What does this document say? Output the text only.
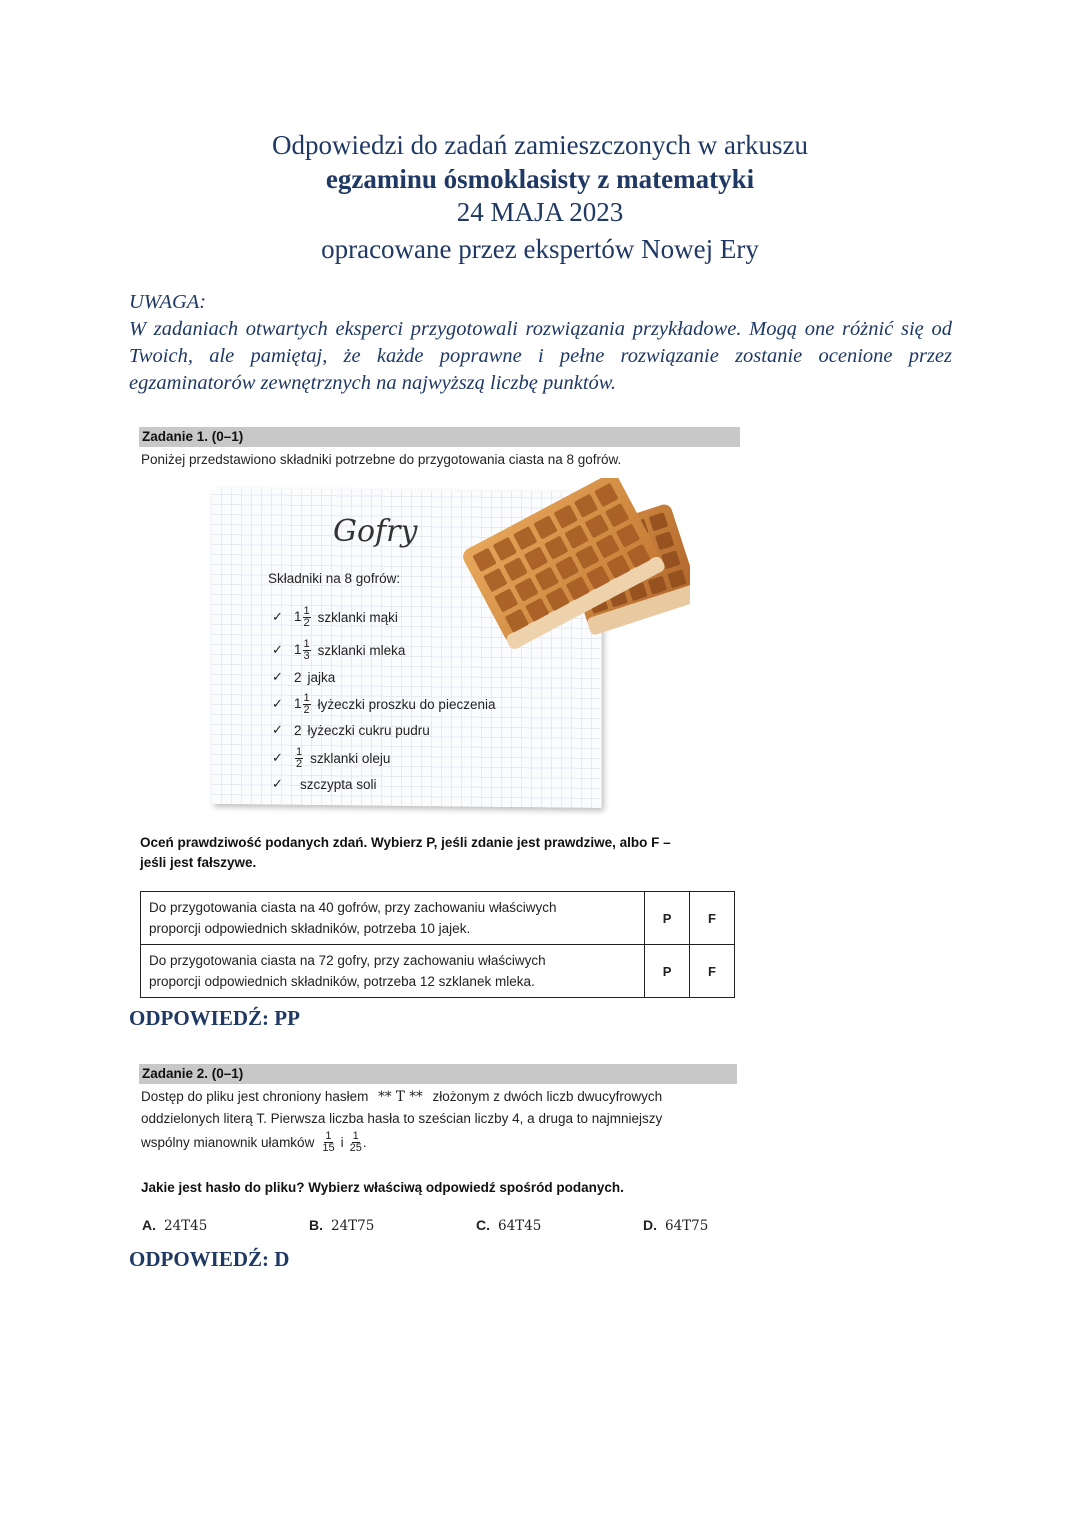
Odpowiedzi do zadań zamieszczonych w arkuszu
egzaminu ósmoklasisty z matematyki
24 MAJA 2023
opracowane przez ekspertów Nowej Ery
UWAGA:
W zadaniach otwartych eksperci przygotowali rozwiązania przykładowe. Mogą one różnić się od Twoich, ale pamiętaj, że każde poprawne i pełne rozwiązanie zostanie ocenione przez egzaminatorów zewnętrznych na najwyższą liczbę punktów.
Zadanie 1. (0–1)
Poniżej przedstawiono składniki potrzebne do przygotowania ciasta na 8 gofrów.
Gofry
Składniki na 8 gofrów:
✓ $1 \frac{1}{2}$ szklanki mąki
✓ $1 \frac{1}{3}$ szklanki mleka
✓ 2 jajka
✓ $1 \frac{1}{2}$ łyżeczki proszku do pieczenia
✓ 2 łyżeczki cukru pudru
✓	$\frac{1}{2}$ szklanki oleju
✓	szczypta soli
Oceń prawdziwość podanych zdań. Wybierz P, jeśli zdanie jest prawdziwe, albo F –
jeśli jest fałszywe.
Do przygotowania ciasta na 40 gofrów, przy zachowaniu właściwych
proporcji odpowiednich składników, potrzeba 10 jajek.	P	F

Do przygotowania ciasta na 72 gofry, przy zachowaniu właściwych
proporcji odpowiednich składników, potrzeba 12 szklanek mleka.	P	F
ODPOWIEDŹ: PP
Zadanie 2. (0–1)
Dostęp do pliku jest chroniony hasłem ** T ** złożonym z dwóch liczb dwucyfrowych
oddzielonych literą T. Pierwsza liczba hasła to sześcian liczby 4, a druga to najmniejszy
wspólny mianownik ułamków $\frac{1}{15}$ i $\frac{1}{25}$ .
Jakie jest hasło do pliku? Wybierz właściwą odpowiedź spośród podanych.
A. 24T45	B. 24T75	C. 64T45	D. 64T75
ODPOWIEDŹ: D
